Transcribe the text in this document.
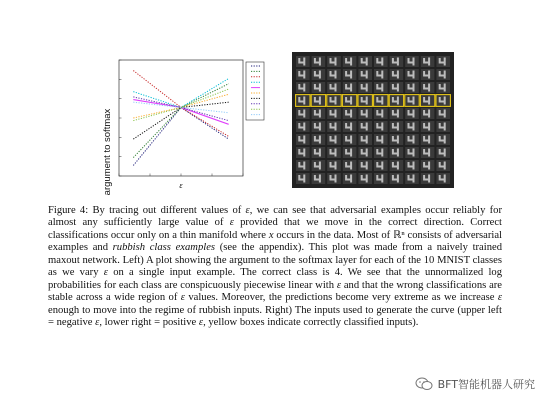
ε
argument to softmax
Figure 4: By tracing out different values of ε, we can see that adversarial examples occur reliably for almost any sufficiently large value of ε provided that we move in the correct direction. Correct classifications occur only on a thin manifold where x occurs in the data. Most of ℝⁿ consists of adversarial examples and rubbish class examples (see the appendix). This plot was made from a naively trained maxout network. Left) A plot showing the argument to the softmax layer for each of the 10 MNIST classes as we vary ε on a single input example. The correct class is 4. We see that the unnormalized log probabilities for each class are conspicuously piecewise linear with ε and that the wrong classifications are stable across a wide region of ε values. Moreover, the predictions become very extreme as we increase ε enough to move into the regime of rubbish inputs. Right) The inputs used to generate the curve (upper left = negative ε, lower right = positive ε, yellow boxes indicate correctly classified inputs).
BFT智能机器人研究
